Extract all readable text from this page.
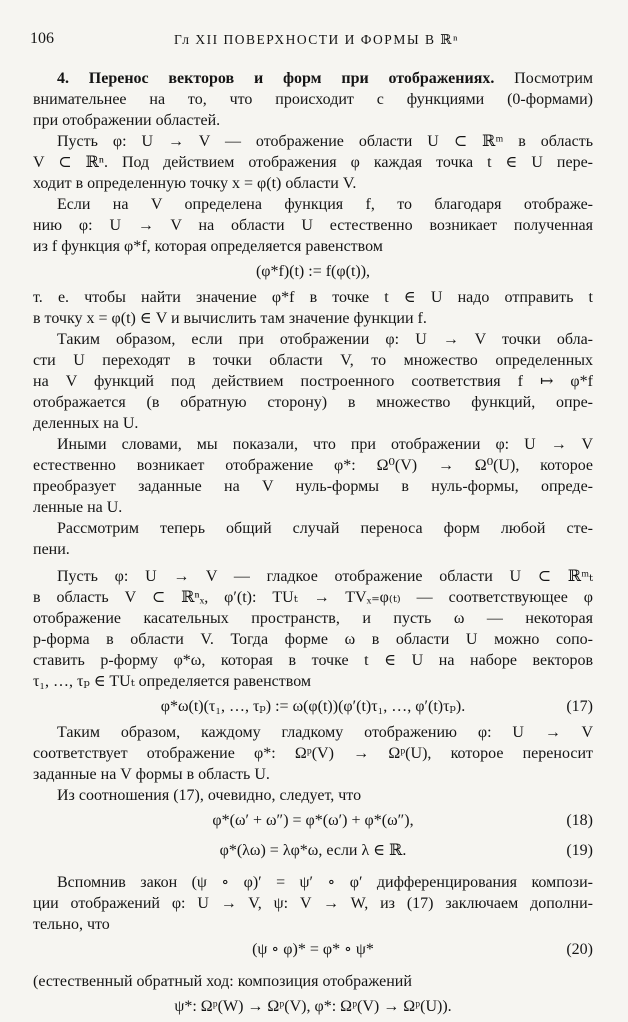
106	Гл XII ПОВЕРХНОСТИ И ФОРМЫ В ℝⁿ
4. Перенос векторов и форм при отображениях. Посмотрим
внимательнее на то, что происходит с функциями (0-формами)
при отображении областей.
Пусть φ: U → V — отображение области U ⊂ ℝᵐ в область
V ⊂ ℝⁿ. Под действием отображения φ каждая точка t ∈ U пере-
ходит в определенную точку x = φ(t) области V.
Если на V определена функция f, то благодаря отображе-
нию φ: U → V на области U естественно возникает полученная
из f функция φ*f, которая определяется равенством
(φ*f)(t) := f(φ(t)),
т. е. чтобы найти значение φ*f в точке t ∈ U надо отправить t
в точку x = φ(t) ∈ V и вычислить там значение функции f.
Таким образом, если при отображении φ: U → V точки обла-
сти U переходят в точки области V, то множество определенных
на V функций под действием построенного соответствия f ↦ φ*f
отображается (в обратную сторону) в множество функций, опре-
деленных на U.
Иными словами, мы показали, что при отображении φ: U → V
естественно возникает отображение φ*: Ω⁰(V) → Ω⁰(U), которое
преобразует заданные на V нуль-формы в нуль-формы, опреде-
ленные на U.
Рассмотрим теперь общий случай переноса форм любой сте-
пени.
Пусть φ: U → V — гладкое отображение области U ⊂ ℝᵐₜ
в область V ⊂ ℝⁿₓ, φ′(t): TUₜ → TVₓ₌φ₍ₜ₎ — соответствующее φ
отображение касательных пространств, и пусть ω — некоторая
p-форма в области V. Тогда форме ω в области U можно сопо-
ставить p-форму φ*ω, которая в точке t ∈ U на наборе векторов
τ₁, …, τₚ ∈ TUₜ определяется равенством
φ*ω(t)(τ₁, …, τₚ) := ω(φ(t))(φ′(t)τ₁, …, φ′(t)τₚ).	(17)
Таким образом, каждому гладкому отображению φ: U → V
соответствует отображение φ*: Ωᵖ(V) → Ωᵖ(U), которое переносит
заданные на V формы в область U.
Из соотношения (17), очевидно, следует, что
φ*(ω′ + ω″) = φ*(ω′) + φ*(ω″),	(18)
φ*(λω) = λφ*ω, если λ ∈ ℝ.	(19)
Вспомнив закон (ψ ∘ φ)′ = ψ′ ∘ φ′ дифференцирования компози-
ции отображений φ: U → V, ψ: V → W, из (17) заключаем дополни-
тельно, что
(ψ ∘ φ)* = φ* ∘ ψ*	(20)
(естественный обратный ход: композиция отображений
ψ*: Ωᵖ(W) → Ωᵖ(V), φ*: Ωᵖ(V) → Ωᵖ(U)).
